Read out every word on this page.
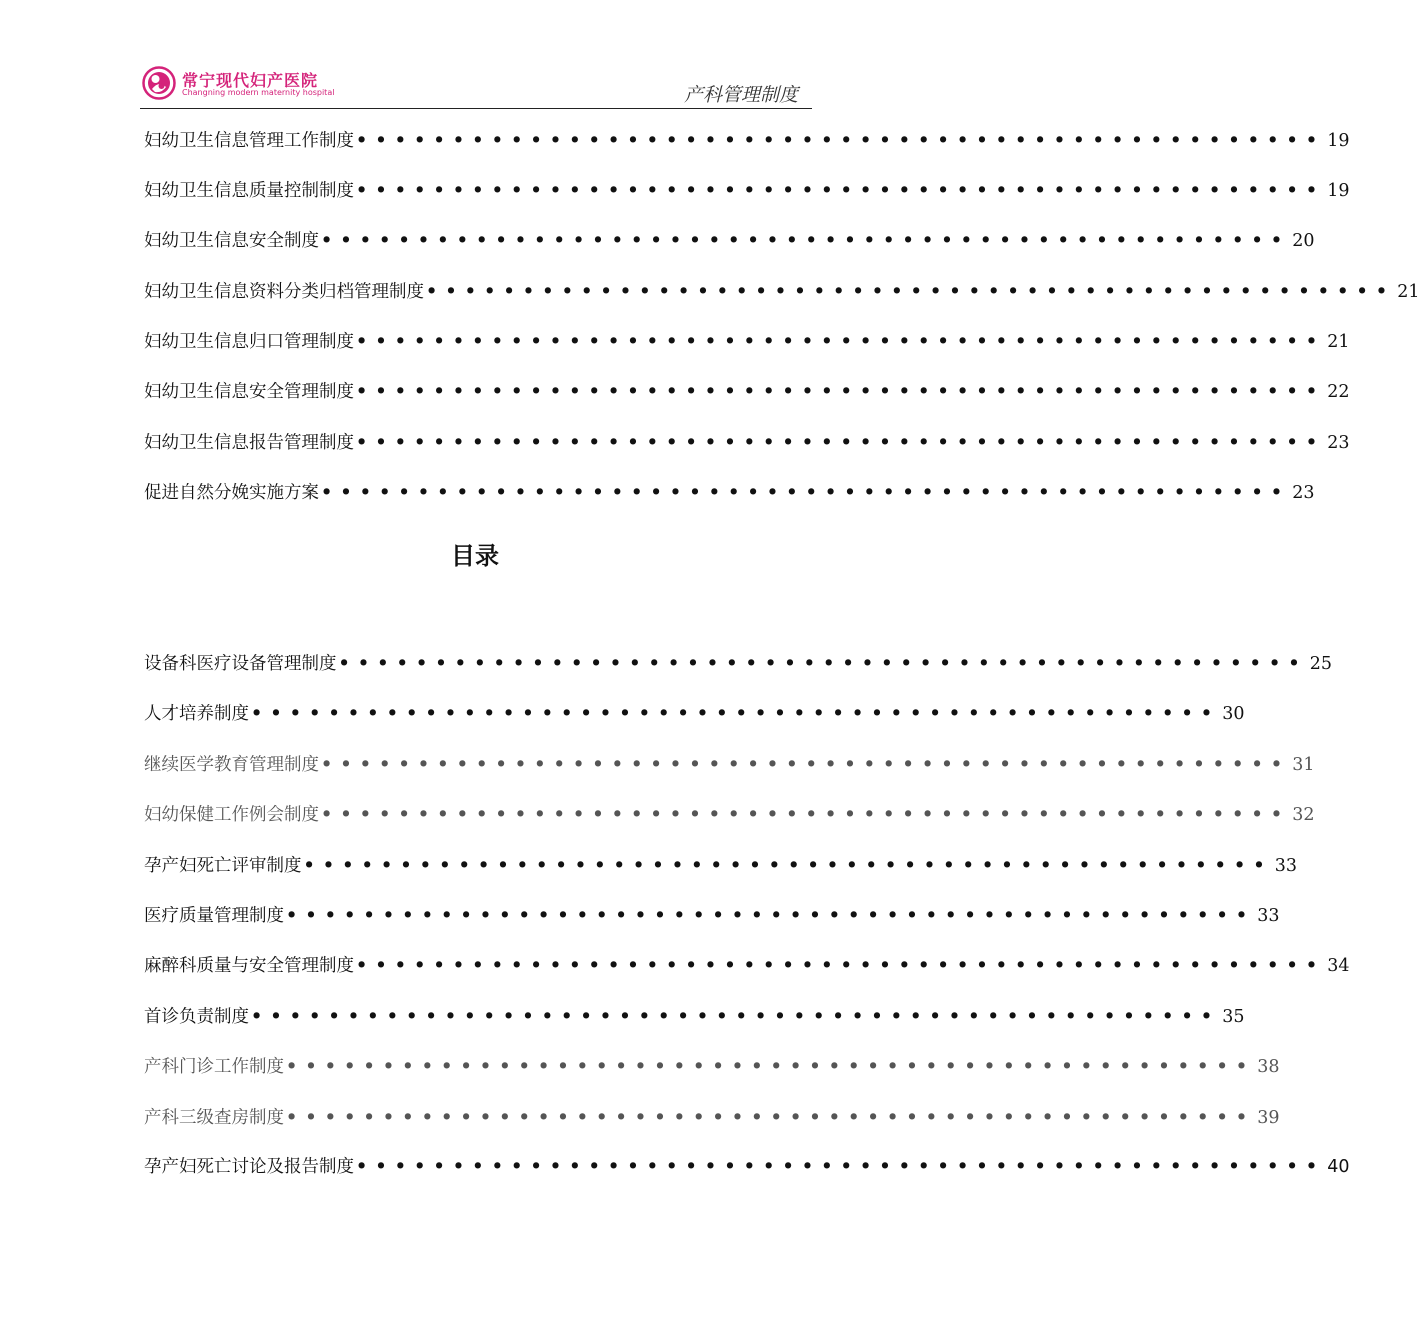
常宁现代妇产医院
Changning modern maternity hospital	产科管理制度
妇幼卫生信息管理工作制度 •••••••••••••••••••••••••••••••••••••••••••••••••• 19
妇幼卫生信息质量控制制度 •••••••••••••••••••••••••••••••••••••••••••••••••• 19
妇幼卫生信息安全制度 •••••••••••••••••••••••••••••••••••••••••••••••••• 20
妇幼卫生信息资料分类归档管理制度 •••••••••••••••••••••••••••••••••••••••••••••••••• 21
妇幼卫生信息归口管理制度 •••••••••••••••••••••••••••••••••••••••••••••••••• 21
妇幼卫生信息安全管理制度 •••••••••••••••••••••••••••••••••••••••••••••••••• 22
妇幼卫生信息报告管理制度 •••••••••••••••••••••••••••••••••••••••••••••••••• 23
促进自然分娩实施方案 •••••••••••••••••••••••••••••••••••••••••••••••••• 23
目录
设备科医疗设备管理制度 •••••••••••••••••••••••••••••••••••••••••••••••••• 25
人才培养制度 •••••••••••••••••••••••••••••••••••••••••••••••••• 30
继续医学教育管理制度 •••••••••••••••••••••••••••••••••••••••••••••••••• 31
妇幼保健工作例会制度 •••••••••••••••••••••••••••••••••••••••••••••••••• 32
孕产妇死亡评审制度 •••••••••••••••••••••••••••••••••••••••••••••••••• 33
医疗质量管理制度 •••••••••••••••••••••••••••••••••••••••••••••••••• 33
麻醉科质量与安全管理制度 •••••••••••••••••••••••••••••••••••••••••••••••••• 34
首诊负责制度 •••••••••••••••••••••••••••••••••••••••••••••••••• 35
产科门诊工作制度 •••••••••••••••••••••••••••••••••••••••••••••••••• 38
产科三级查房制度 •••••••••••••••••••••••••••••••••••••••••••••••••• 39
孕产妇死亡讨论及报告制度 •••••••••••••••••••••••••••••••••••••••••••••••••• 40
